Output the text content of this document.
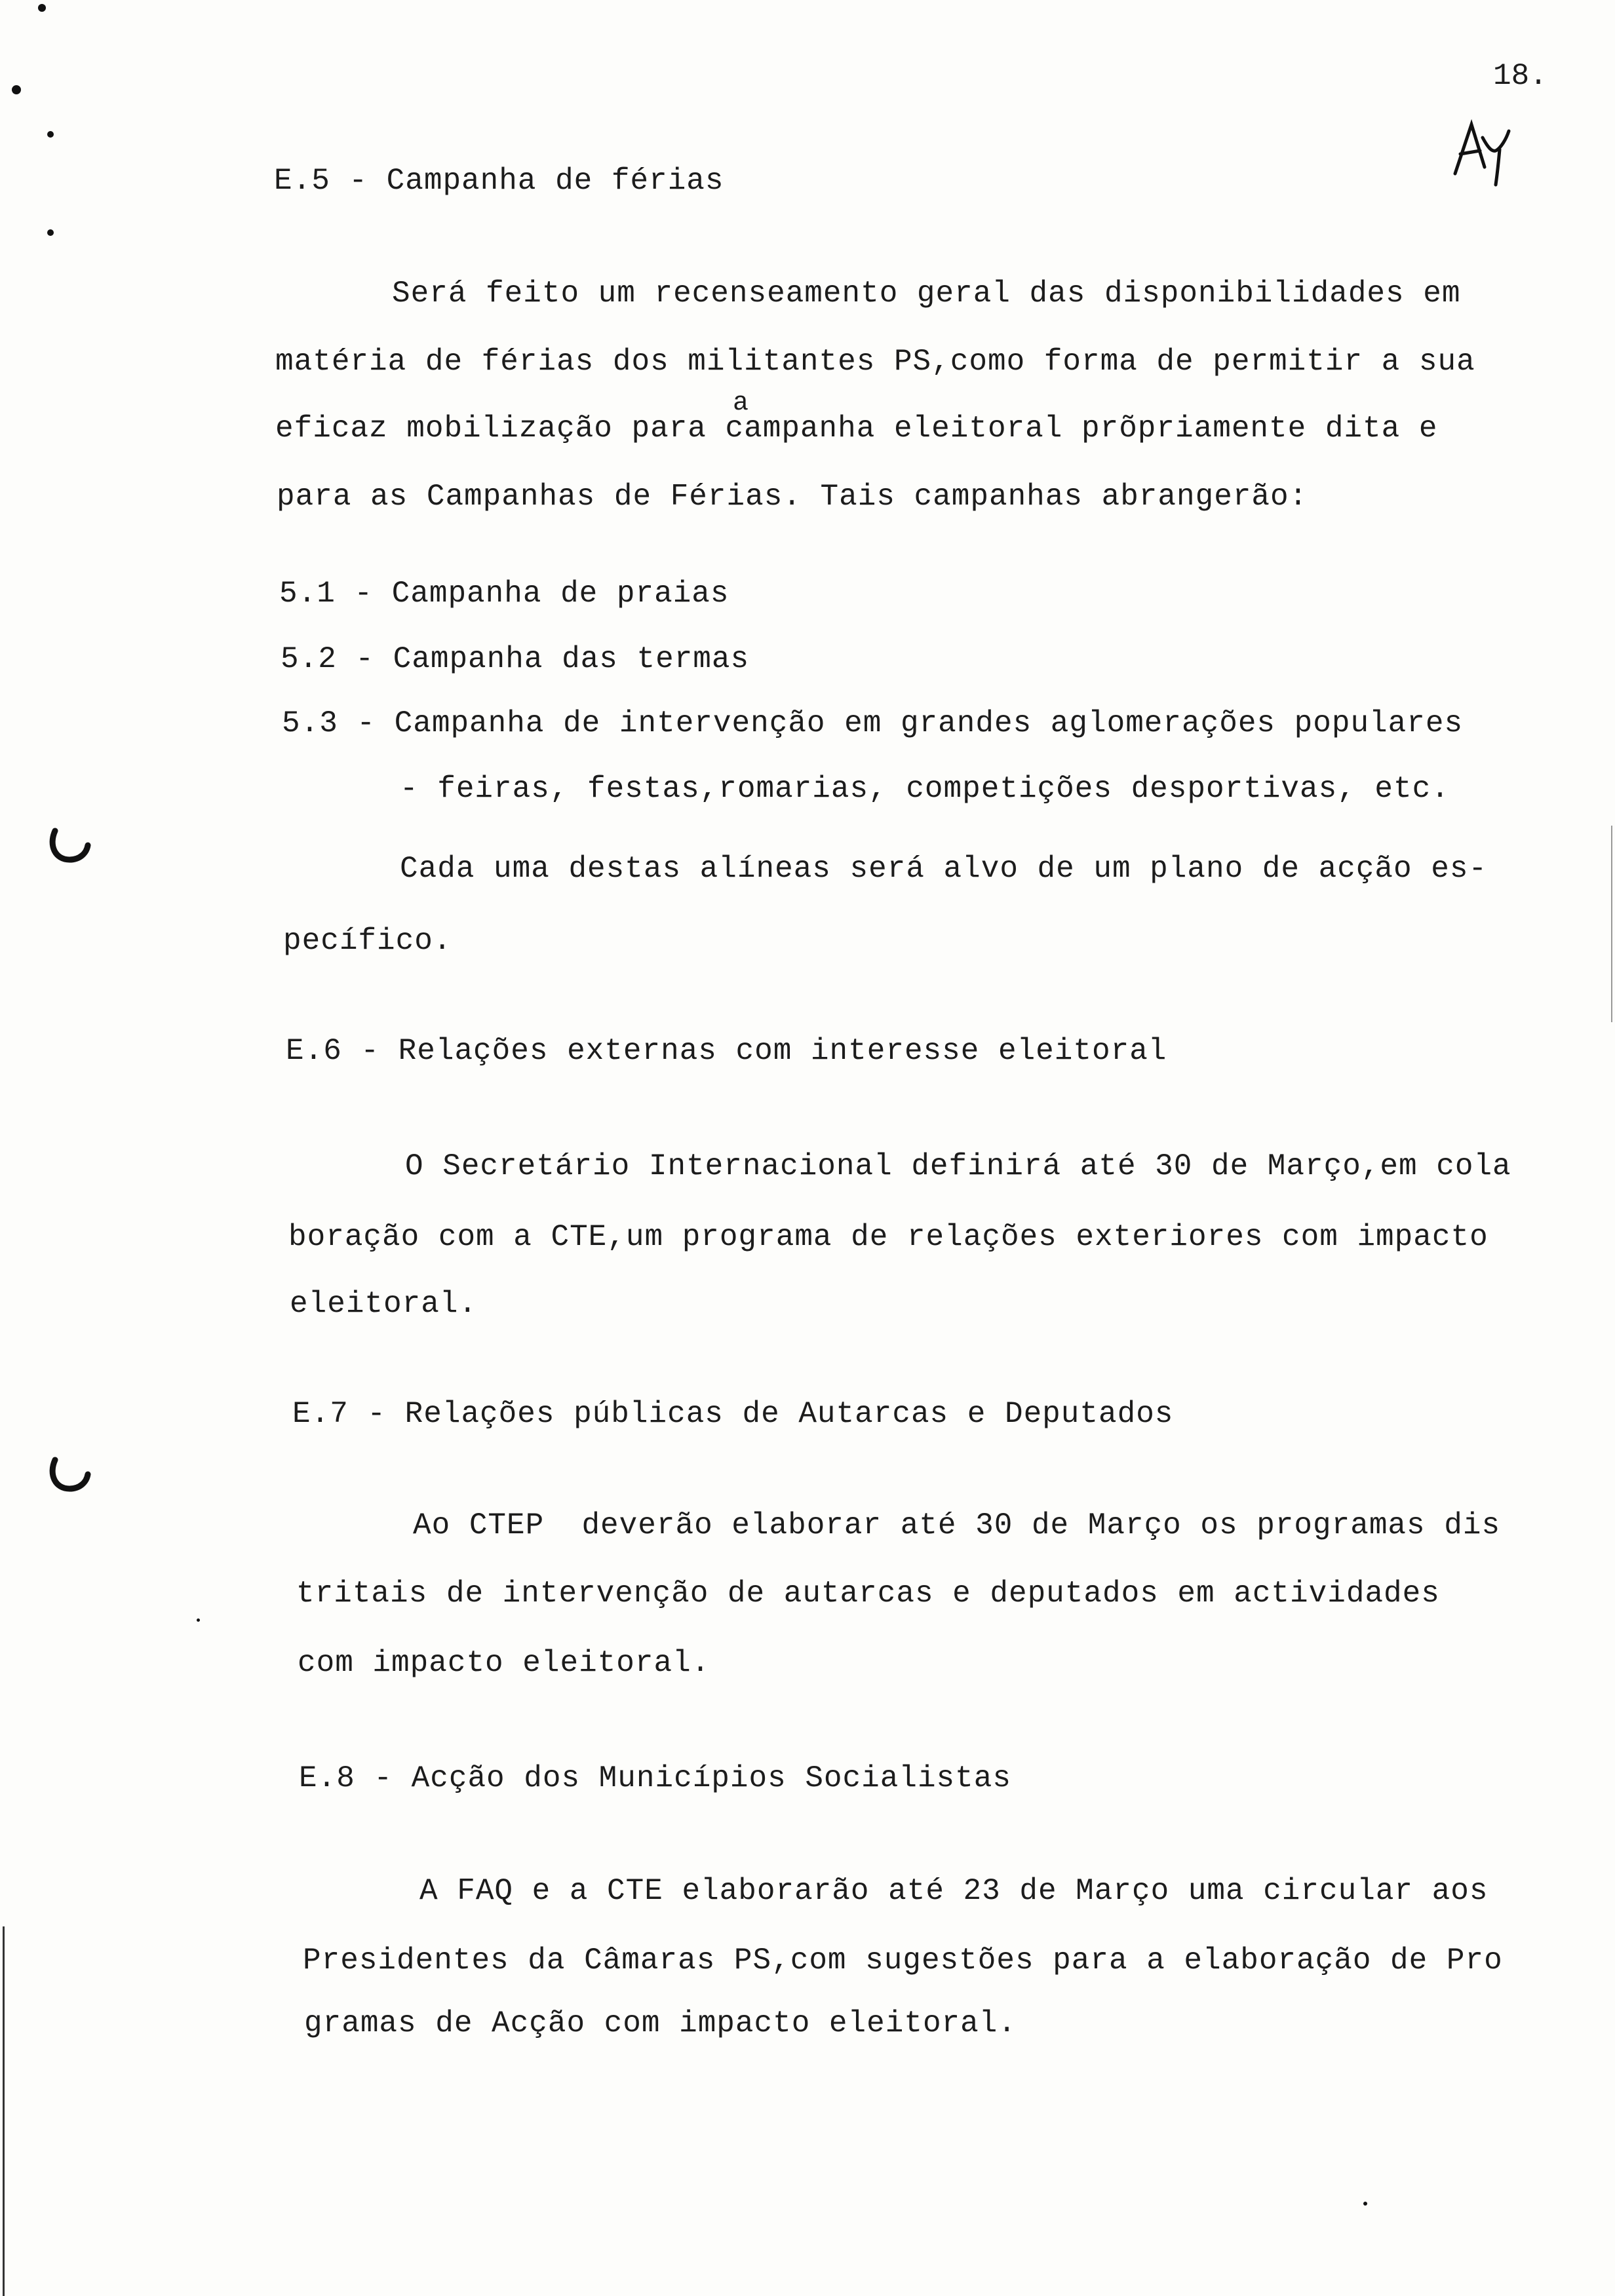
18.
E.5 - Campanha de férias
Será feito um recenseamento geral das disponibilidades em
matéria de férias dos militantes PS,como forma de permitir a sua
a
eficaz mobilização para campanha eleitoral prõpriamente dita e
para as Campanhas de Férias. Tais campanhas abrangerão:
5.1 - Campanha de praias
5.2 - Campanha das termas
5.3 - Campanha de intervenção em grandes aglomerações populares
- feiras, festas,romarias, competições desportivas, etc.
Cada uma destas alíneas será alvo de um plano de acção es-
pecífico.
E.6 - Relações externas com interesse eleitoral
O Secretário Internacional definirá até 30 de Março,em cola
boração com a CTE,um programa de relações exteriores com impacto
eleitoral.
E.7 - Relações públicas de Autarcas e Deputados
Ao CTEP  deverão elaborar até 30 de Março os programas dis
tritais de intervenção de autarcas e deputados em actividades
com impacto eleitoral.
E.8 - Acção dos Municípios Socialistas
A FAQ e a CTE elaborarão até 23 de Março uma circular aos
Presidentes da Câmaras PS,com sugestões para a elaboração de Pro
gramas de Acção com impacto eleitoral.
